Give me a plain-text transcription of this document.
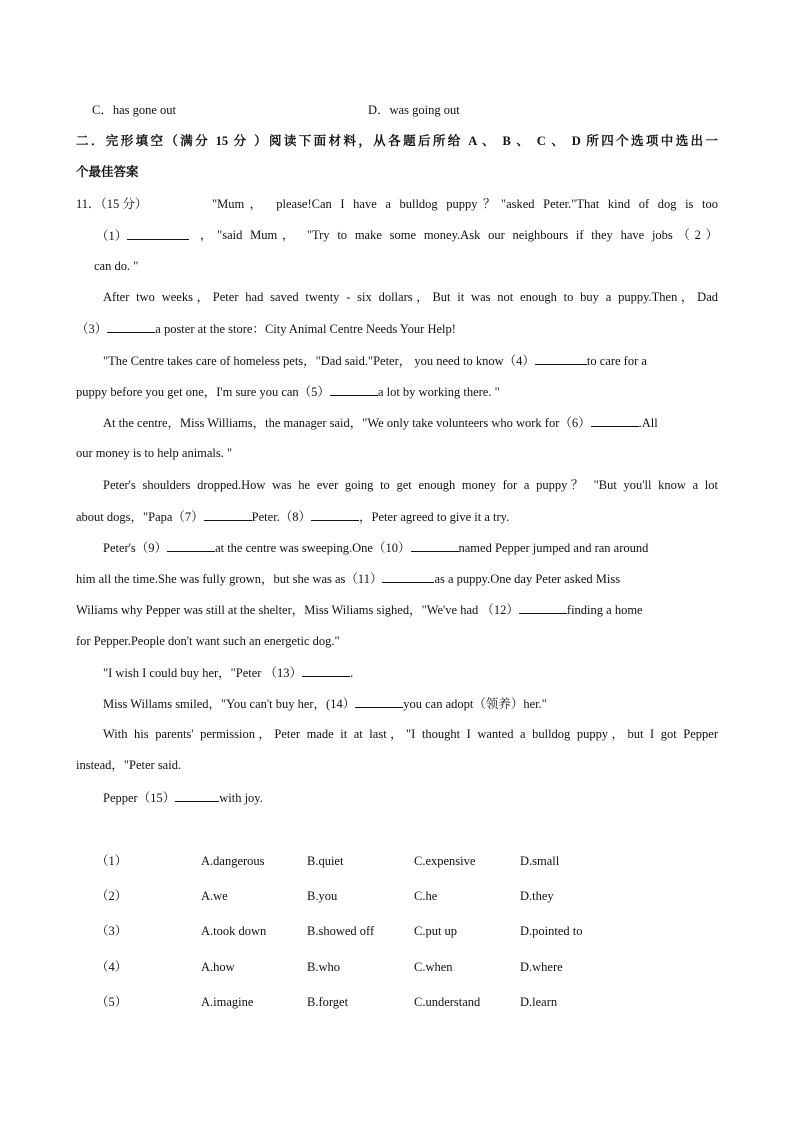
C．has gone out	D．was going out
二．完形填空（满分 15 分 ）阅读下面材料，从各题后所给 A 、 B 、 C 、 D 所四个选项中选出一
个最佳答案
11．（15 分）	"Mum， please!Can I have a bulldog puppy？"asked Peter."That kind of dog is too
（1）	，"said Mum， "Try to make some money.Ask our neighbours if they have jobs（2）
can do. "
After two weeks，Peter had saved twenty - six dollars，But it was not enough to buy a puppy.Then，Dad
（3）	a poster at the store：City Animal Centre Needs Your Help!
"The Centre takes care of homeless pets，"Dad said."Peter， you need to know（4）	to care for a
puppy before you get one，I'm sure you can（5）	a lot by working there. "
At the centre，Miss Williams，the manager said，"We only take volunteers who work for（6）	.All
our money is to help animals. "
Peter's shoulders dropped.How was he ever going to get enough money for a puppy？ "But you'll know a lot
about dogs，"Papa（7）	Peter.（8）	，Peter agreed to give it a try.
Peter's（9）	at the centre was sweeping.One（10）	named Pepper jumped and ran around
him all the time.She was fully grown，but she was as（11）	as a puppy.One day Peter asked Miss
Wiliams why Pepper was still at the shelter，Miss Wiliams sighed，"We've had （12）	finding a home
for Pepper.People don't want such an energetic dog."
"I wish I could buy her，"Peter （13）	.
Miss Willams smiled，"You can't buy her，(14）	you can adopt（领养）her."
With his parents' permission，Peter made it at last，"I thought I wanted a bulldog puppy，but I got Pepper
instead，"Peter said.
Pepper（15）	with joy.
（1）	A.dangerous	B.quiet	C.expensive	D.small
（2）	A.we	B.you	C.he	D.they
（3）	A.took down	B.showed off	C.put up	D.pointed to
（4）	A.how	B.who	C.when	D.where
（5）	A.imagine	B.forget	C.understand	D.learn
